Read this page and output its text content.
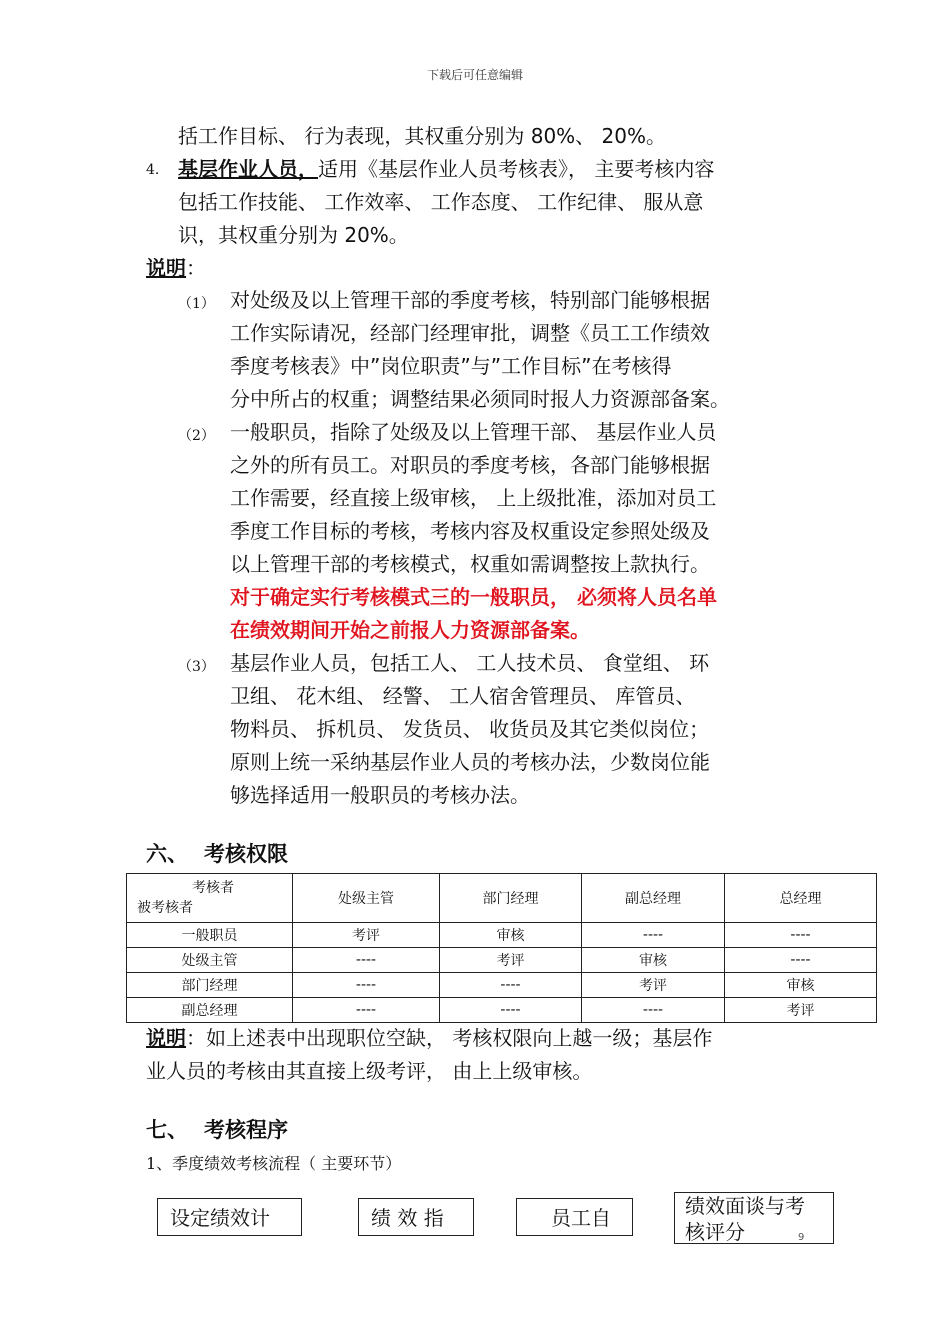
下载后可任意编辑
括工作目标、 行为表现，其权重分别为 80%、 20%。
4. 基层作业人员，适用《基层作业人员考核表》， 主要考核内容
包括工作技能、 工作效率、 工作态度、 工作纪律、 服从意
识，其权重分别为 20%。
说明：
（1） 对处级及以上管理干部的季度考核，特别部门能够根据
工作实际请况，经部门经理审批，调整《员工工作绩效
季度考核表》中”岗位职责”与”工作目标”在考核得
分中所占的权重；调整结果必须同时报人力资源部备案。
（2） 一般职员，指除了处级及以上管理干部、 基层作业人员
之外的所有员工。对职员的季度考核，各部门能够根据
工作需要，经直接上级审核， 上上级批准，添加对员工
季度工作目标的考核，考核内容及权重设定参照处级及
以上管理干部的考核模式，权重如需调整按上款执行。
对于确定实行考核模式三的一般职员， 必须将人员名单
在绩效期间开始之前报人力资源部备案。
（3） 基层作业人员，包括工人、 工人技术员、 食堂组、 环
卫组、 花木组、 经警、 工人宿舍管理员、 库管员、
物料员、 拆机员、 发货员、 收货员及其它类似岗位；
原则上统一采纳基层作业人员的考核办法，少数岗位能
够选择适用一般职员的考核办法。
六、 考核权限
考核者
被考核者	处级主管	部门经理	副总经理	总经理
一般职员	考评	审核	----	----
处级主管	----	考评	审核	----
部门经理	----	----	考评	审核
副总经理	----	----	----	考评
说明：如上述表中出现职位空缺， 考核权限向上越一级；基层作
业人员的考核由其直接上级考评， 由上上级审核。
七、 考核程序
1、季度绩效考核流程（ 主要环节）
设定绩效计	绩 效 指	员工自	绩效面谈与考
核评分	9
